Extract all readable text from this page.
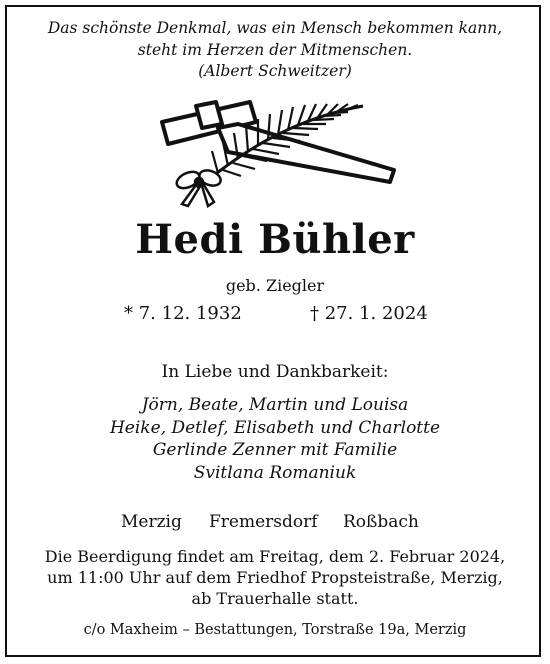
Das schönste Denkmal, was ein Mensch bekommen kann,
steht im Herzen der Mitmenschen.
(Albert Schweitzer)
Hedi Bühler
geb. Ziegler
* 7. 12. 1932	† 27. 1. 2024
In Liebe und Dankbarkeit:
Jörn, Beate, Martin und Louisa
Heike, Detlef, Elisabeth und Charlotte
Gerlinde Zenner mit Familie
Svitlana Romaniuk
Merzig Fremersdorf Roßbach
Die Beerdigung findet am Freitag, dem 2. Februar 2024,
um 11:00 Uhr auf dem Friedhof Propsteistraße, Merzig,
ab Trauerhalle statt.
c/o Maxheim – Bestattungen, Torstraße 19a, Merzig
